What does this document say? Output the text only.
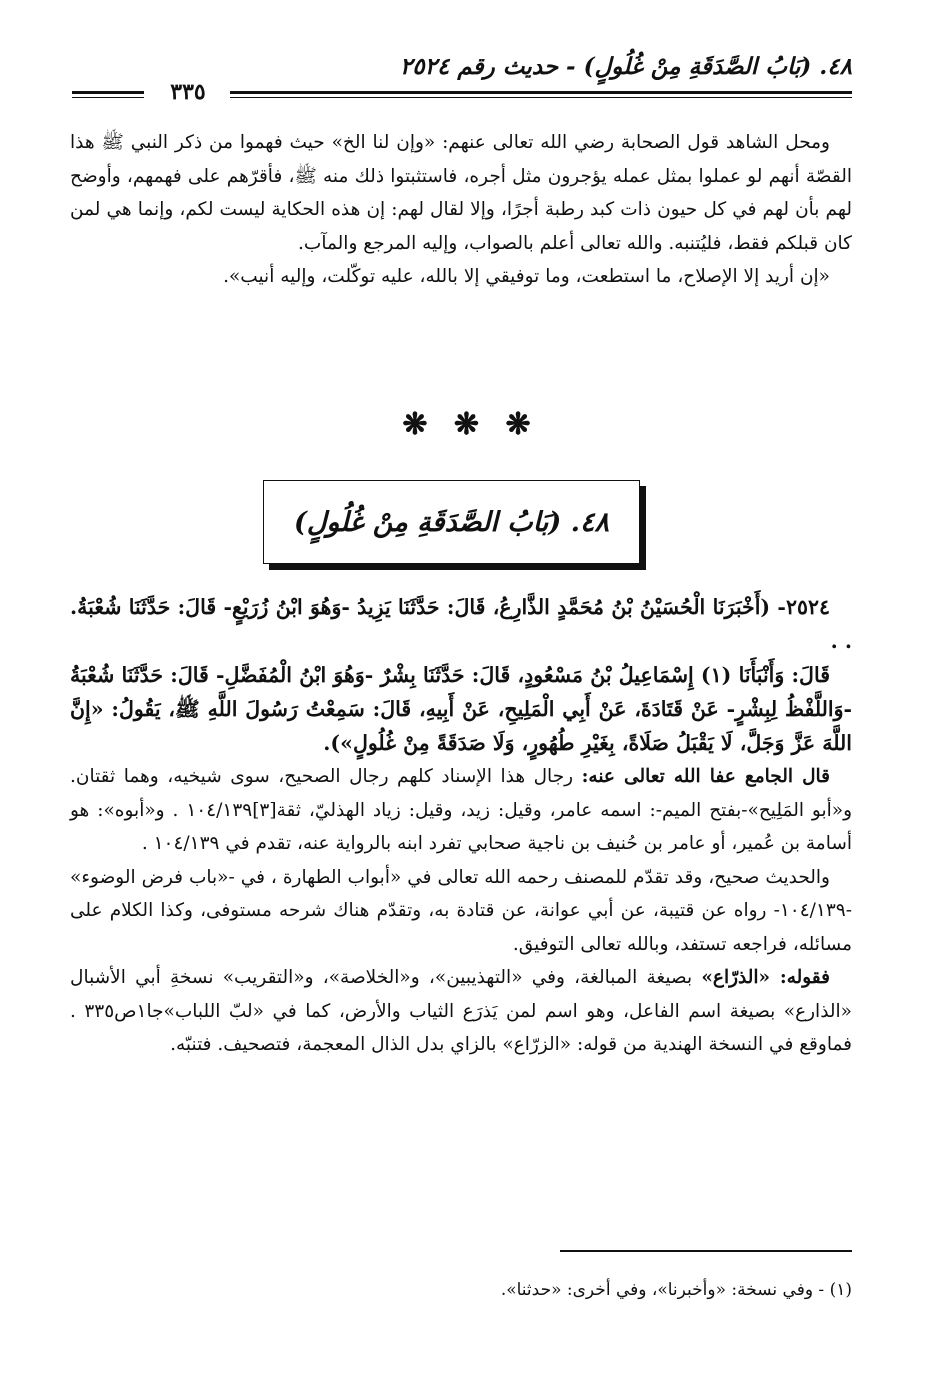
٤٨. (بَابُ الصَّدَقَةِ مِنْ غُلُولٍ) - حديث رقم ٢٥٢٤
٣٣٥

ومحل الشاهد قول الصحابة رضي الله تعالى عنهم: «وإن لنا الخ» حيث فهموا من ذكر النبي ﷺ هذا القصّة أنهم لو عملوا بمثل عمله يؤجرون مثل أجره، فاستثبتوا ذلك منه ﷺ، فأقرّهم على فهمهم، وأوضح لهم بأن لهم في كل حيون ذات كبد رطبة أجرًا، وإلا لقال لهم: إن هذه الحكاية ليست لكم، وإنما هي لمن كان قبلكم فقط، فليُتنبه. والله تعالى أعلم بالصواب، وإليه المرجع والمآب.

«إن أريد إلا الإصلاح، ما استطعت، وما توفيقي إلا بالله، عليه توكّلت، وإليه أنيب».

❋ ❋ ❋
٤٨. (بَابُ الصَّدَقَةِ مِنْ غُلُولٍ)

٢٥٢٤- (أَخْبَرَنَا الْحُسَيْنُ بْنُ مُحَمَّدٍ الذَّارِعُ، قَالَ: حَدَّثَنَا يَزِيدُ -وَهُوَ ابْنُ زُرَيْعٍ- قَالَ: حَدَّثَنَا شُعْبَةُ. . .

قَالَ: وَأَنْبَأَنَا (١) إِسْمَاعِيلُ بْنُ مَسْعُودٍ، قَالَ: حَدَّثَنَا بِشْرٌ -وَهُوَ ابْنُ الْمُفَضَّلِ- قَالَ: حَدَّثَنَا شُعْبَةُ -وَاللَّفْظُ لِبِشْرٍ- عَنْ قَتَادَةَ، عَنْ أَبِي الْمَلِيحِ، عَنْ أَبِيهِ، قَالَ: سَمِعْتُ رَسُولَ اللَّهِ ﷺ، يَقُولُ: «إِنَّ اللَّهَ عَزَّ وَجَلَّ، لَا يَقْبَلُ صَلَاةً، بِغَيْرِ طُهُورٍ، وَلَا صَدَقَةً مِنْ غُلُولٍ»).

قال الجامع عفا الله تعالى عنه: رجال هذا الإسناد كلهم رجال الصحيح، سوى شيخيه، وهما ثقتان. و«أبو المَلِيح»-بفتح الميم-: اسمه عامر، وقيل: زيد، وقيل: زياد الهذليّ، ثقة[٣]١٠٤/١٣٩ . و«أبوه»: هو أسامة بن عُمير، أو عامر بن حُنيف بن ناجية صحابي تفرد ابنه بالرواية عنه، تقدم في ١٠٤/١٣٩ .

والحديث صحيح، وقد تقدّم للمصنف رحمه الله تعالى في «أبواب الطهارة ، في -«باب فرض الوضوء» -١٠٤/١٣٩- رواه عن قتيبة، عن أبي عوانة، عن قتادة به، وتقدّم هناك شرحه مستوفى، وكذا الكلام على مسائله، فراجعه تستفد، وبالله تعالى التوفيق.

فقوله: «الذرّاع» بصيغة المبالغة، وفي «التهذيبين»، و«الخلاصة»، و«التقريب» نسخةِ أبي الأشبال «الذارع» بصيغة اسم الفاعل، وهو اسم لمن يَذرَع الثياب والأرض، كما في «لبّ اللباب»جا١ص٣٣٥ . فماوقع في النسخة الهندية من قوله: «الزرّاع» بالزاي بدل الذال المعجمة، فتصحيف. فتنبّه.

(١) - وفي نسخة: «وأخبرنا»، وفي أخرى: «حدثنا».
